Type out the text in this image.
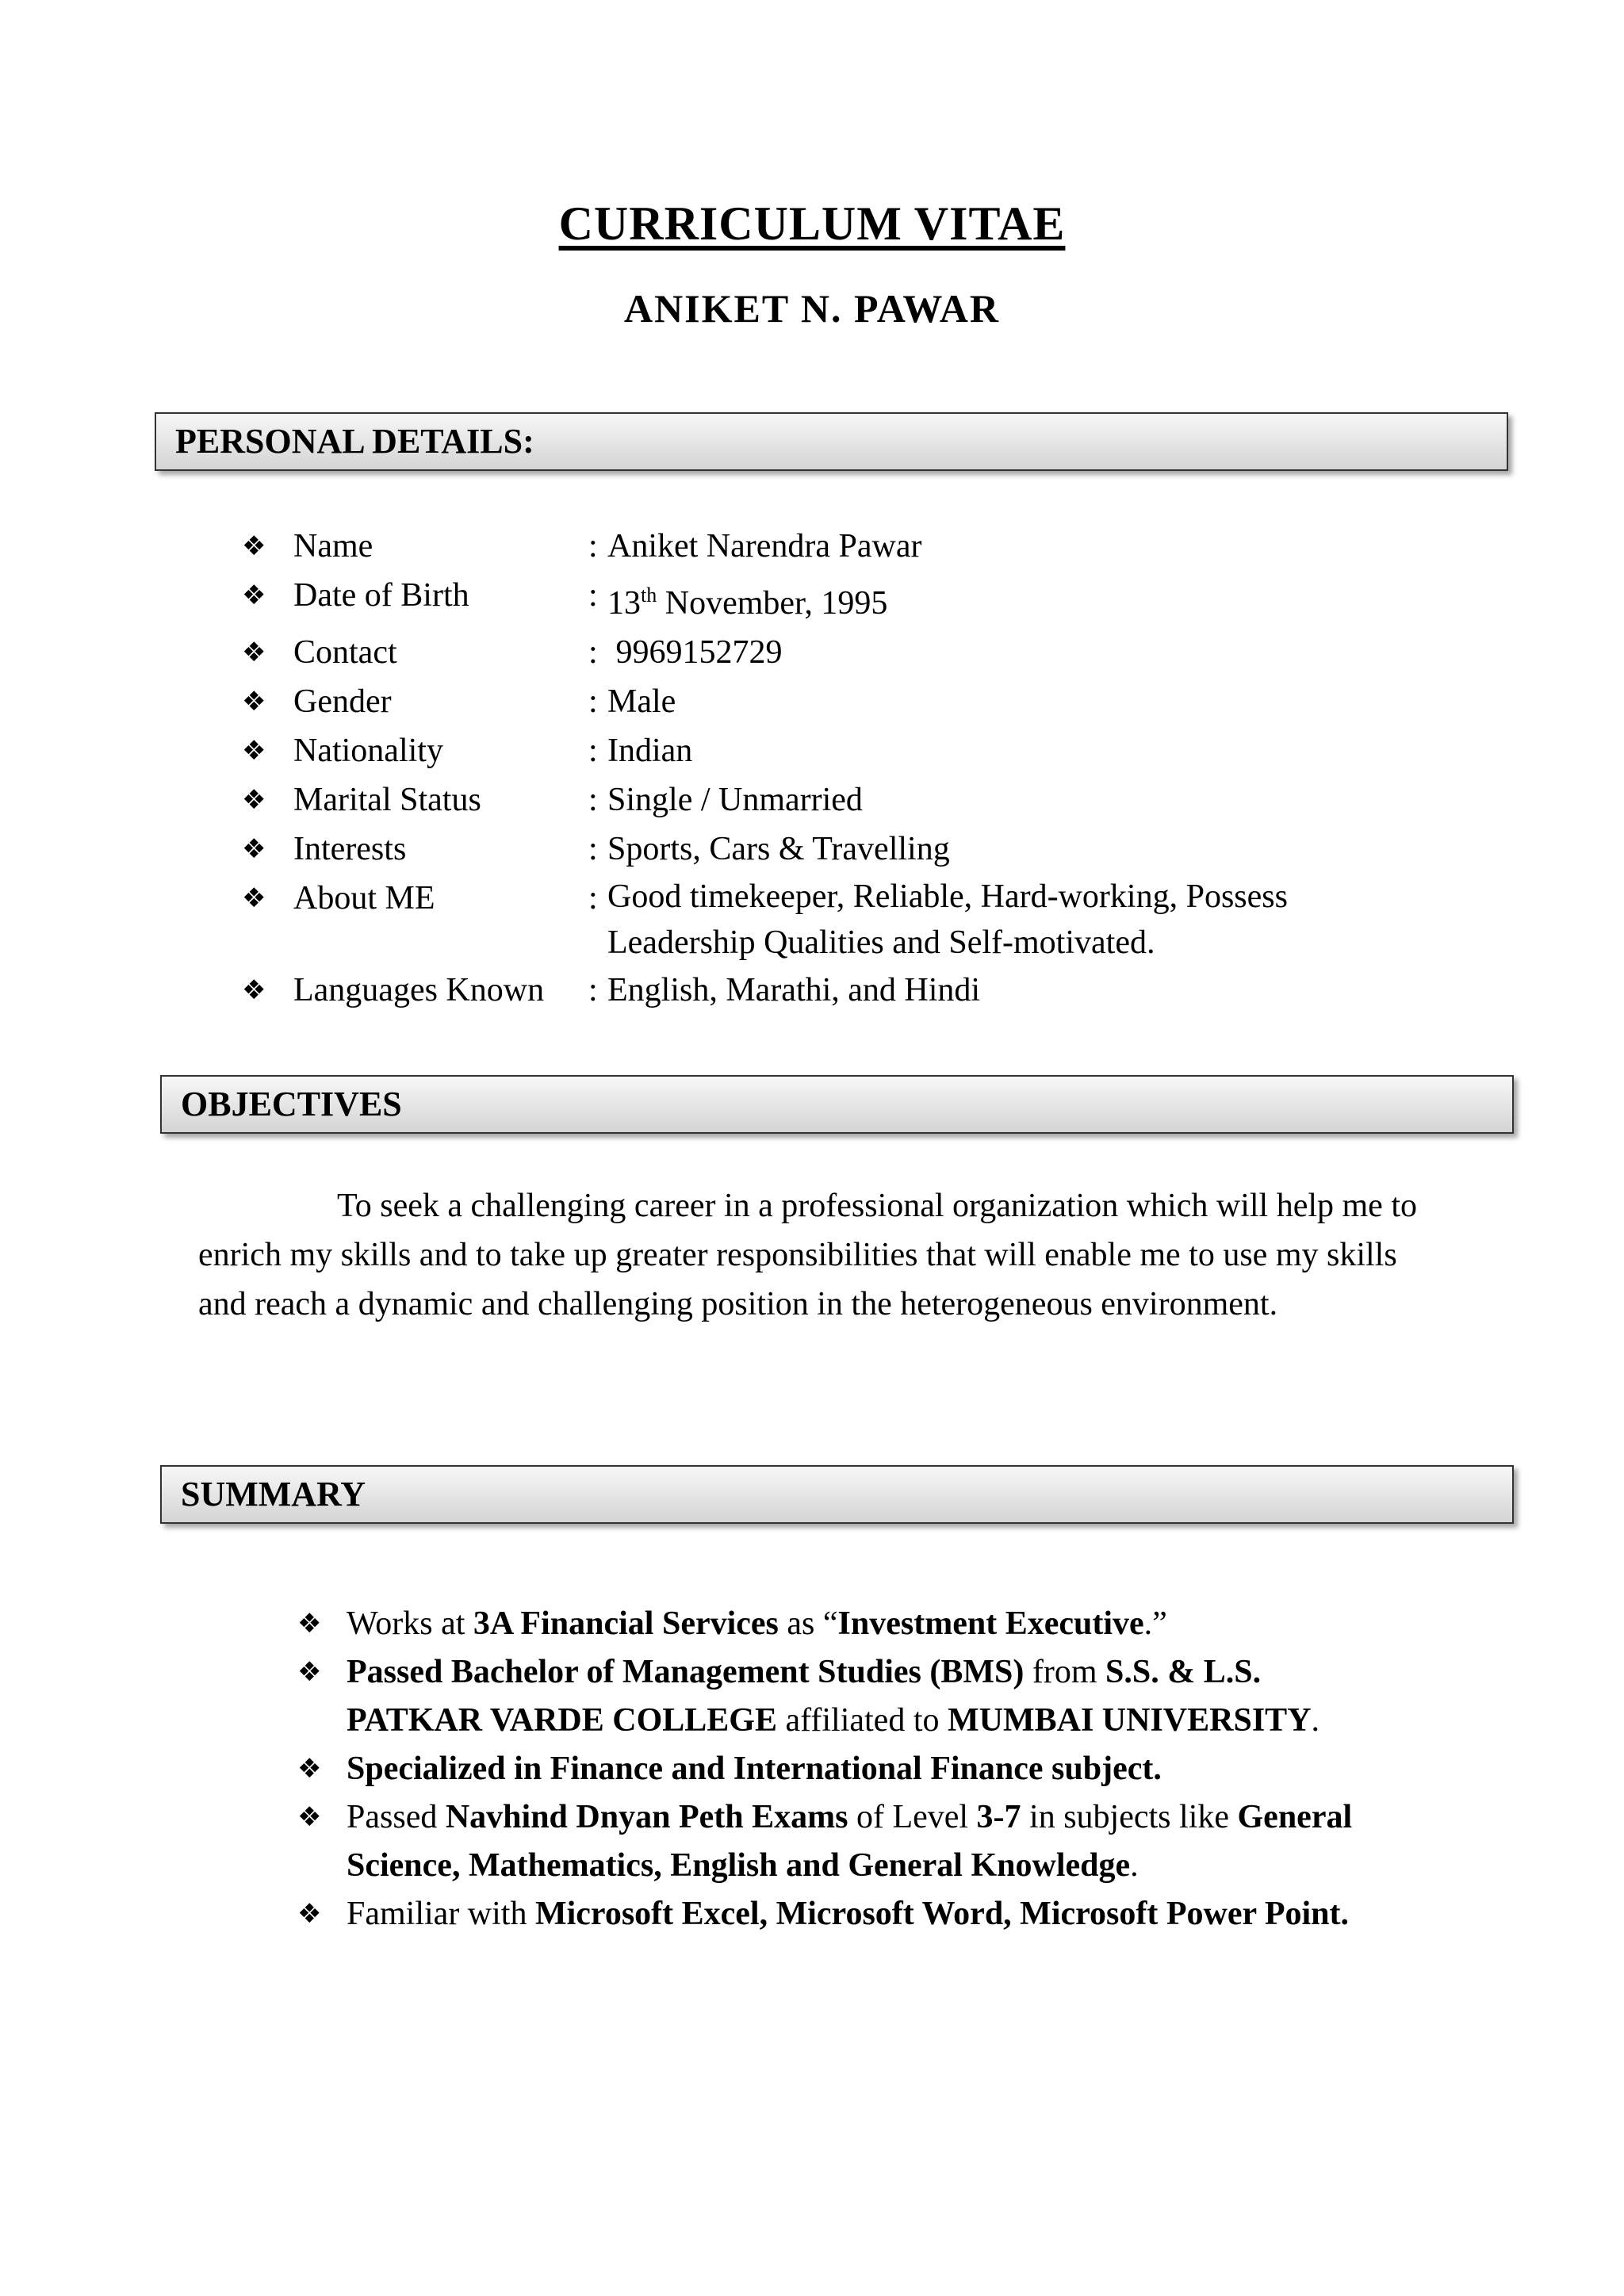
CURRICULUM VITAE
ANIKET N. PAWAR
PERSONAL DETAILS:
❖ Name	: Aniket Narendra Pawar
❖ Date of Birth	: 13th November, 1995
❖ Contact	: 9969152729
❖ Gender	: Male
❖ Nationality	: Indian
❖ Marital Status	: Single / Unmarried
❖ Interests	: Sports, Cars & Travelling
❖ About ME	: Good timekeeper, Reliable, Hard-working, Possess
Leadership Qualities and Self-motivated.
❖ Languages Known	: English, Marathi, and Hindi
OBJECTIVES

To seek a challenging career in a professional organization which will help me to enrich my skills and to take up greater responsibilities that will enable me to use my skills and reach a dynamic and challenging position in the heterogeneous environment.

SUMMARY
❖ Works at 3A Financial Services as “Investment Executive.”
❖ Passed Bachelor of Management Studies (BMS) from S.S. & L.S. PATKAR VARDE COLLEGE affiliated to MUMBAI UNIVERSITY.
❖ Specialized in Finance and International Finance subject.
❖ Passed Navhind Dnyan Peth Exams of Level 3-7 in subjects like General Science, Mathematics, English and General Knowledge.
❖ Familiar with Microsoft Excel, Microsoft Word, Microsoft Power Point.
